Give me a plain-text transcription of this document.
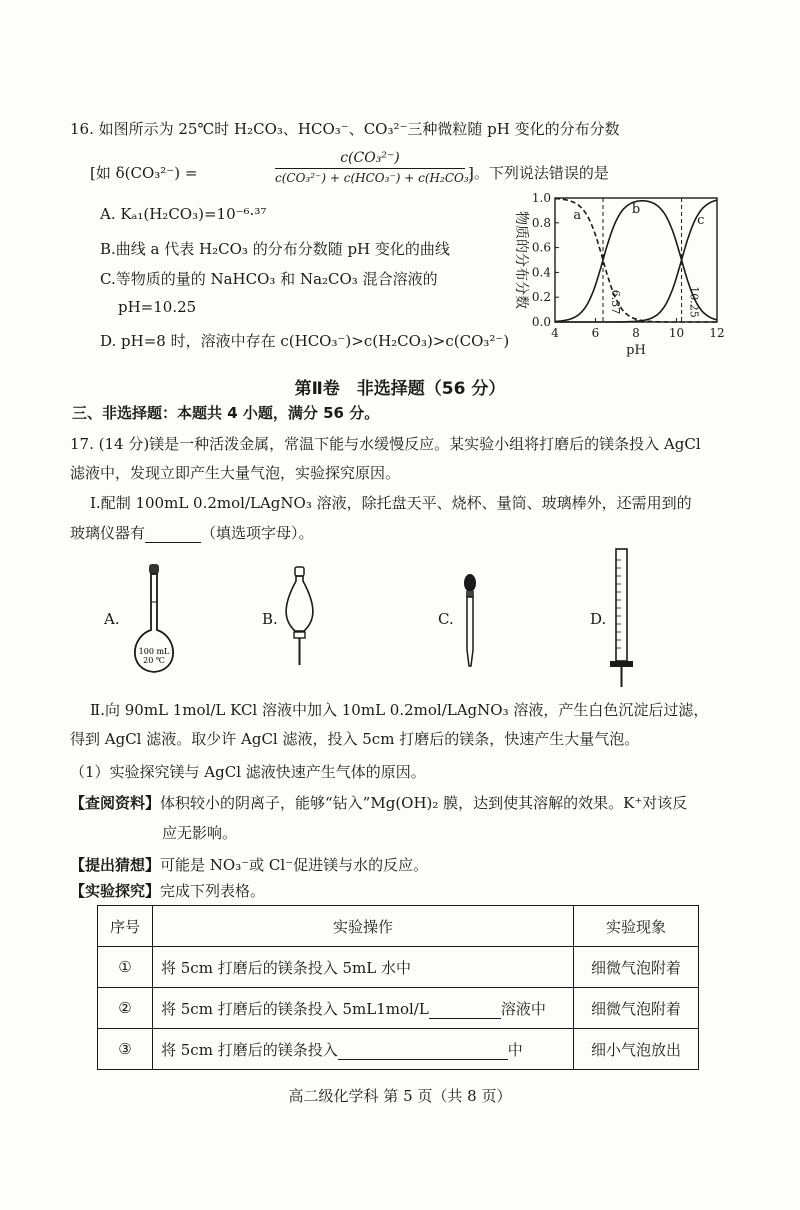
16. 如图所示为 25℃时 H₂CO₃、HCO₃⁻、CO₃²⁻三种微粒随 pH 变化的分布分数
[如 δ(CO₃²⁻) =
c(CO₃²⁻)
c(CO₃²⁻) + c(HCO₃⁻) + c(H₂CO₃)
]。下列说法错误的是
A. Kₐ₁(H₂CO₃)=10⁻⁶·³⁷
B.曲线 a 代表 H₂CO₃ 的分布分数随 pH 变化的曲线
C.等物质的量的 NaHCO₃ 和 Na₂CO₃ 混合溶液的
pH=10.25
D. pH=8 时，溶液中存在 c(HCO₃⁻)>c(H₂CO₃)>c(CO₃²⁻)
0.0
0.2
0.4
0.6
0.8
1.0
4	6	8 10 12
pH
物质的分布分数	6.37	10.25
a	b
c
第Ⅱ卷　非选择题（56 分）
三、非选择题：本题共 4 小题，满分 56 分。
17. (14 分)镁是一种活泼金属，常温下能与水缓慢反应。某实验小组将打磨后的镁条投入 AgCl
滤液中，发现立即产生大量气泡，实验探究原因。
Ⅰ.配制 100mL 0.2mol/LAgNO₃ 溶液，除托盘天平、烧杯、量筒、玻璃棒外，还需用到的
玻璃仪器有	（填选项字母）。
A.
100 mL
20 ℃
B.	C.	D.
Ⅱ.向 90mL 1mol/L KCl 溶液中加入 10mL 0.2mol/LAgNO₃ 溶液，产生白色沉淀后过滤，
得到 AgCl 滤液。取少许 AgCl 滤液，投入 5cm 打磨后的镁条，快速产生大量气泡。
（1）实验探究镁与 AgCl 滤液快速产生气体的原因。
【查阅资料】体积较小的阴离子，能够“钻入”Mg(OH)₂ 膜，达到使其溶解的效果。K⁺对该反
应无影响。
【提出猜想】可能是 NO₃⁻或 Cl⁻促进镁与水的反应。
【实验探究】完成下列表格。
序号	实验操作	实验现象
①	将 5cm 打磨后的镁条投入 5mL 水中	细微气泡附着
②	将 5cm 打磨后的镁条投入 5mL1mol/L 溶液中	细微气泡附着
③	将 5cm 打磨后的镁条投入 中	细小气泡放出
高二级化学科 第 5 页（共 8 页）
